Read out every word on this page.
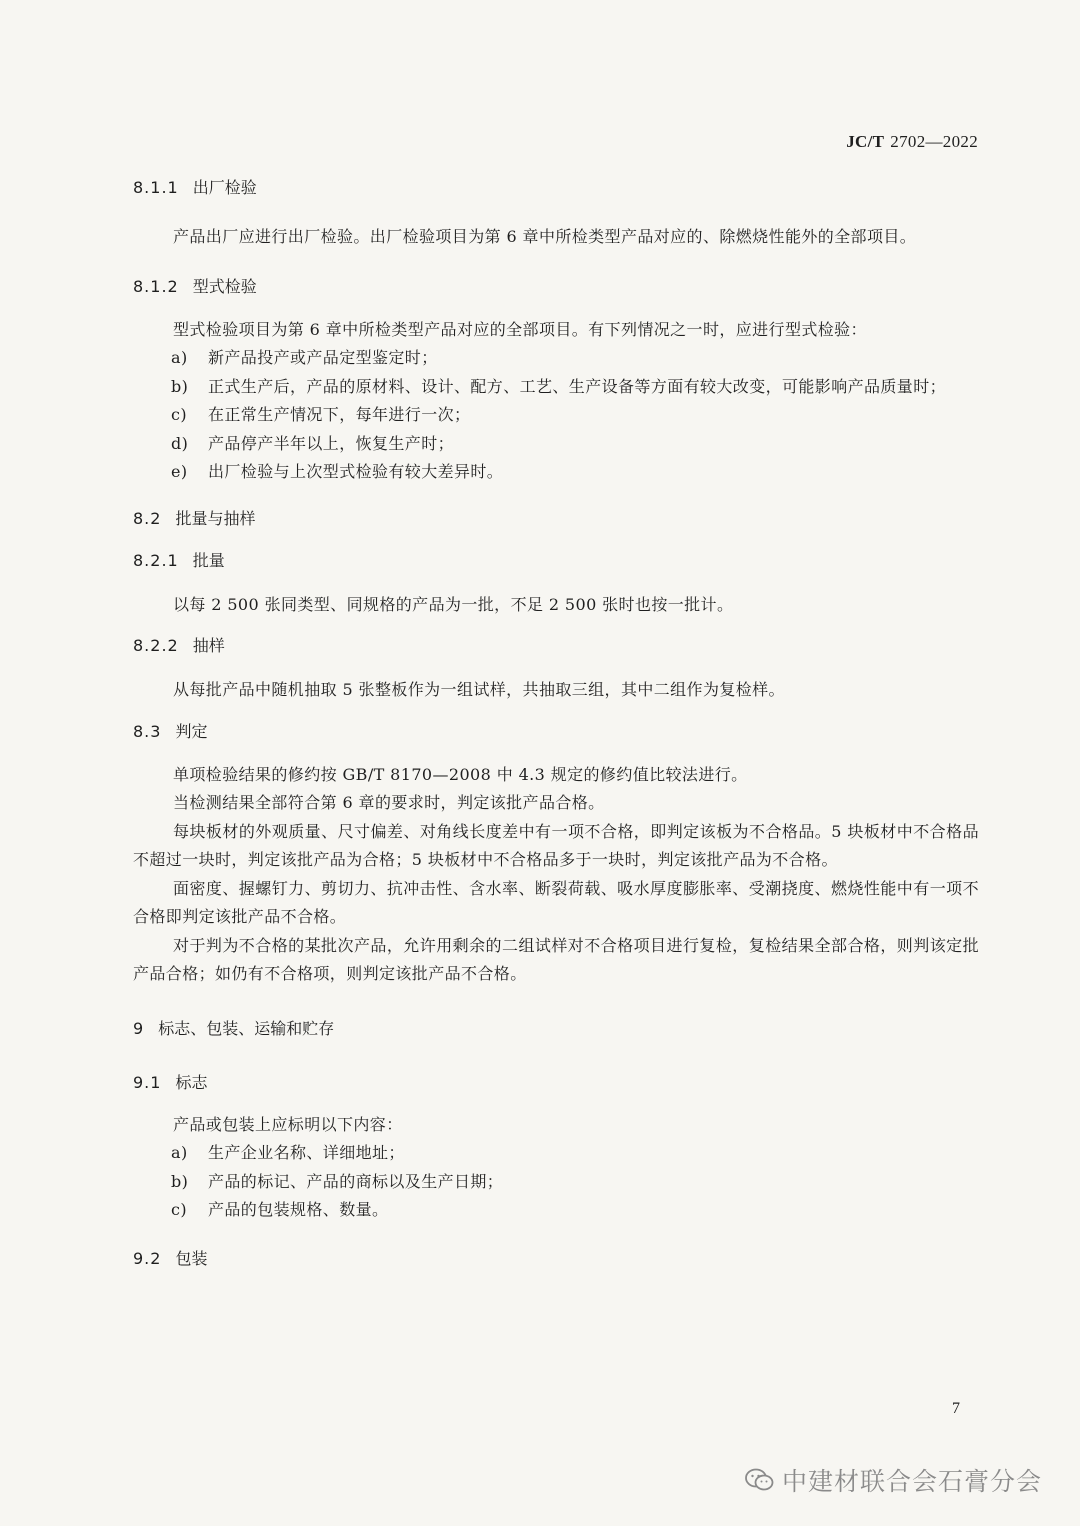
JC/T 2702—2022
8.1.1 出厂检验
产品出厂应进行出厂检验。出厂检验项目为第 6 章中所检类型产品对应的、除燃烧性能外的全部项目。
8.1.2 型式检验
型式检验项目为第 6 章中所检类型产品对应的全部项目。有下列情况之一时，应进行型式检验：
a) 新产品投产或产品定型鉴定时；
b) 正式生产后，产品的原材料、设计、配方、工艺、生产设备等方面有较大改变，可能影响产品质量时；
c) 在正常生产情况下，每年进行一次；
d) 产品停产半年以上，恢复生产时；
e) 出厂检验与上次型式检验有较大差异时。
8.2 批量与抽样
8.2.1 批量
以每 2 500 张同类型、同规格的产品为一批，不足 2 500 张时也按一批计。
8.2.2 抽样
从每批产品中随机抽取 5 张整板作为一组试样，共抽取三组，其中二组作为复检样。
8.3 判定
单项检验结果的修约按 GB/T 8170—2008 中 4.3 规定的修约值比较法进行。
当检测结果全部符合第 6 章的要求时，判定该批产品合格。
每块板材的外观质量、尺寸偏差、对角线长度差中有一项不合格，即判定该板为不合格品。5 块板材中不合格品不超过一块时，判定该批产品为合格；5 块板材中不合格品多于一块时，判定该批产品为不合格。
面密度、握螺钉力、剪切力、抗冲击性、含水率、断裂荷载、吸水厚度膨胀率、受潮挠度、燃烧性能中有一项不合格即判定该批产品不合格。
对于判为不合格的某批次产品，允许用剩余的二组试样对不合格项目进行复检，复检结果全部合格，则判该定批产品合格；如仍有不合格项，则判定该批产品不合格。
9 标志、包装、运输和贮存
9.1 标志
产品或包装上应标明以下内容：
a) 生产企业名称、详细地址；
b) 产品的标记、产品的商标以及生产日期；
c) 产品的包装规格、数量。
9.2 包装
7
中建材联合会石膏分会
